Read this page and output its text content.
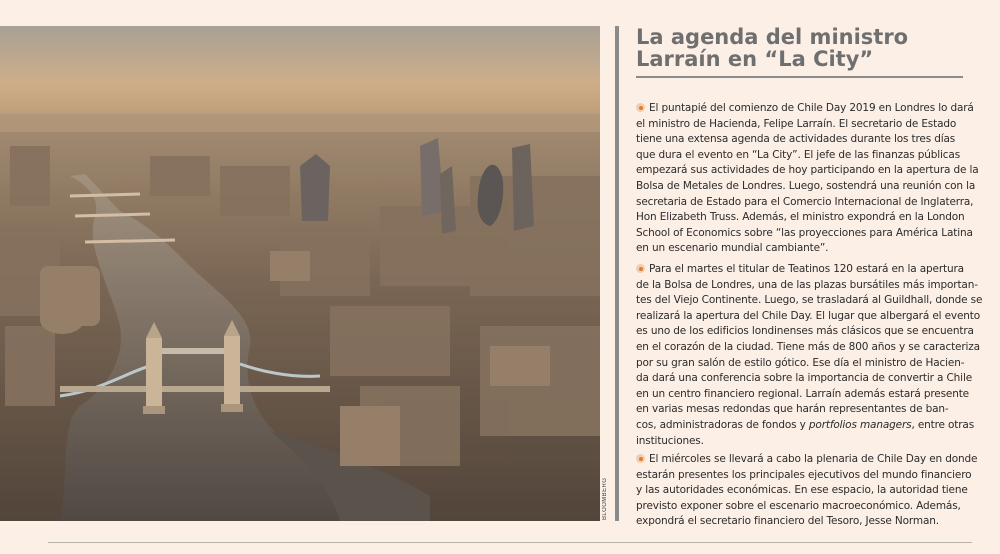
BLOOMBERG
La agenda del ministro
Larraín en “La City”
El puntapié del comienzo de Chile Day 2019 en Londres lo dará
el ministro de Hacienda, Felipe Larraín. El secretario de Estado
tiene una extensa agenda de actividades durante los tres días
que dura el evento en “La City”. El jefe de las finanzas públicas
empezará sus actividades de hoy participando en la apertura de la
Bolsa de Metales de Londres. Luego, sostendrá una reunión con la
secretaria de Estado para el Comercio Internacional de Inglaterra,
Hon Elizabeth Truss. Además, el ministro expondrá en la London
School of Economics sobre “las proyecciones para América Latina
en un escenario mundial cambiante”.
Para el martes el titular de Teatinos 120 estará en la apertura
de la Bolsa de Londres, una de las plazas bursátiles más importan-
tes del Viejo Continente. Luego, se trasladará al Guildhall, donde se
realizará la apertura del Chile Day. El lugar que albergará el evento
es uno de los edificios londinenses más clásicos que se encuentra
en el corazón de la ciudad. Tiene más de 800 años y se caracteriza
por su gran salón de estilo gótico. Ese día el ministro de Hacien-
da dará una conferencia sobre la importancia de convertir a Chile
en un centro financiero regional. Larraín además estará presente
en varias mesas redondas que harán representantes de ban-
cos, administradoras de fondos y portfolios managers, entre otras
instituciones.
El miércoles se llevará a cabo la plenaria de Chile Day en donde
estarán presentes los principales ejecutivos del mundo financiero
y las autoridades económicas. En ese espacio, la autoridad tiene
previsto exponer sobre el escenario macroeconómico. Además,
expondrá el secretario financiero del Tesoro, Jesse Norman.
